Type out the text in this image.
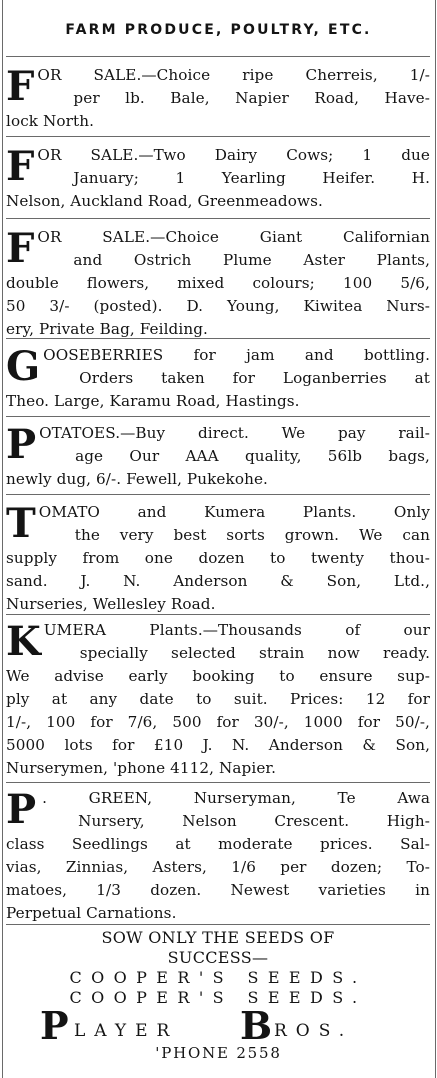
FARM PRODUCE, POULTRY, ETC.
F OR SALE.—Choice ripe Cherreis, 1/-
per lb. Bale, Napier Road, Have-
lock North.
F OR SALE.—Two Dairy Cows; 1 due
January; 1 Yearling Heifer. H.
Nelson, Auckland Road, Greenmeadows.
F OR SALE.—Choice Giant Californian
and Ostrich Plume Aster Plants,
double flowers, mixed colours; 100 5/6,
50 3/- (posted). D. Young, Kiwitea Nurs-
ery, Private Bag, Feilding.
G OOSEBERRIES for jam and bottling.
Orders taken for Loganberries at
Theo. Large, Karamu Road, Hastings.
P OTATOES.—Buy direct. We pay rail-
age Our AAA quality, 56lb bags,
newly dug, 6/-. Fewell, Pukekohe.
T OMATO and Kumera Plants. Only
the very best sorts grown. We can
supply from one dozen to twenty thou-
sand. J. N. Anderson & Son, Ltd.,
Nurseries, Wellesley Road.
K UMERA Plants.—Thousands of our
specially selected strain now ready.
We advise early booking to ensure sup-
ply at any date to suit. Prices: 12 for
1/-, 100 for 7/6, 500 for 30/-, 1000 for 50/-,
5000 lots for £10 J. N. Anderson & Son,
Nurserymen, 'phone 4112, Napier.
P . GREEN, Nurseryman, Te Awa
Nursery, Nelson Crescent. High-
class Seedlings at moderate prices. Sal-
vias, Zinnias, Asters, 1/6 per dozen; To-
matoes, 1/3 dozen. Newest varieties in
Perpetual Carnations.
SOW ONLY THE SEEDS OF
SUCCESS—
COOPER'S SEEDS.
COOPER'S SEEDS.
P LAYER B ROS.
'PHONE 2558
